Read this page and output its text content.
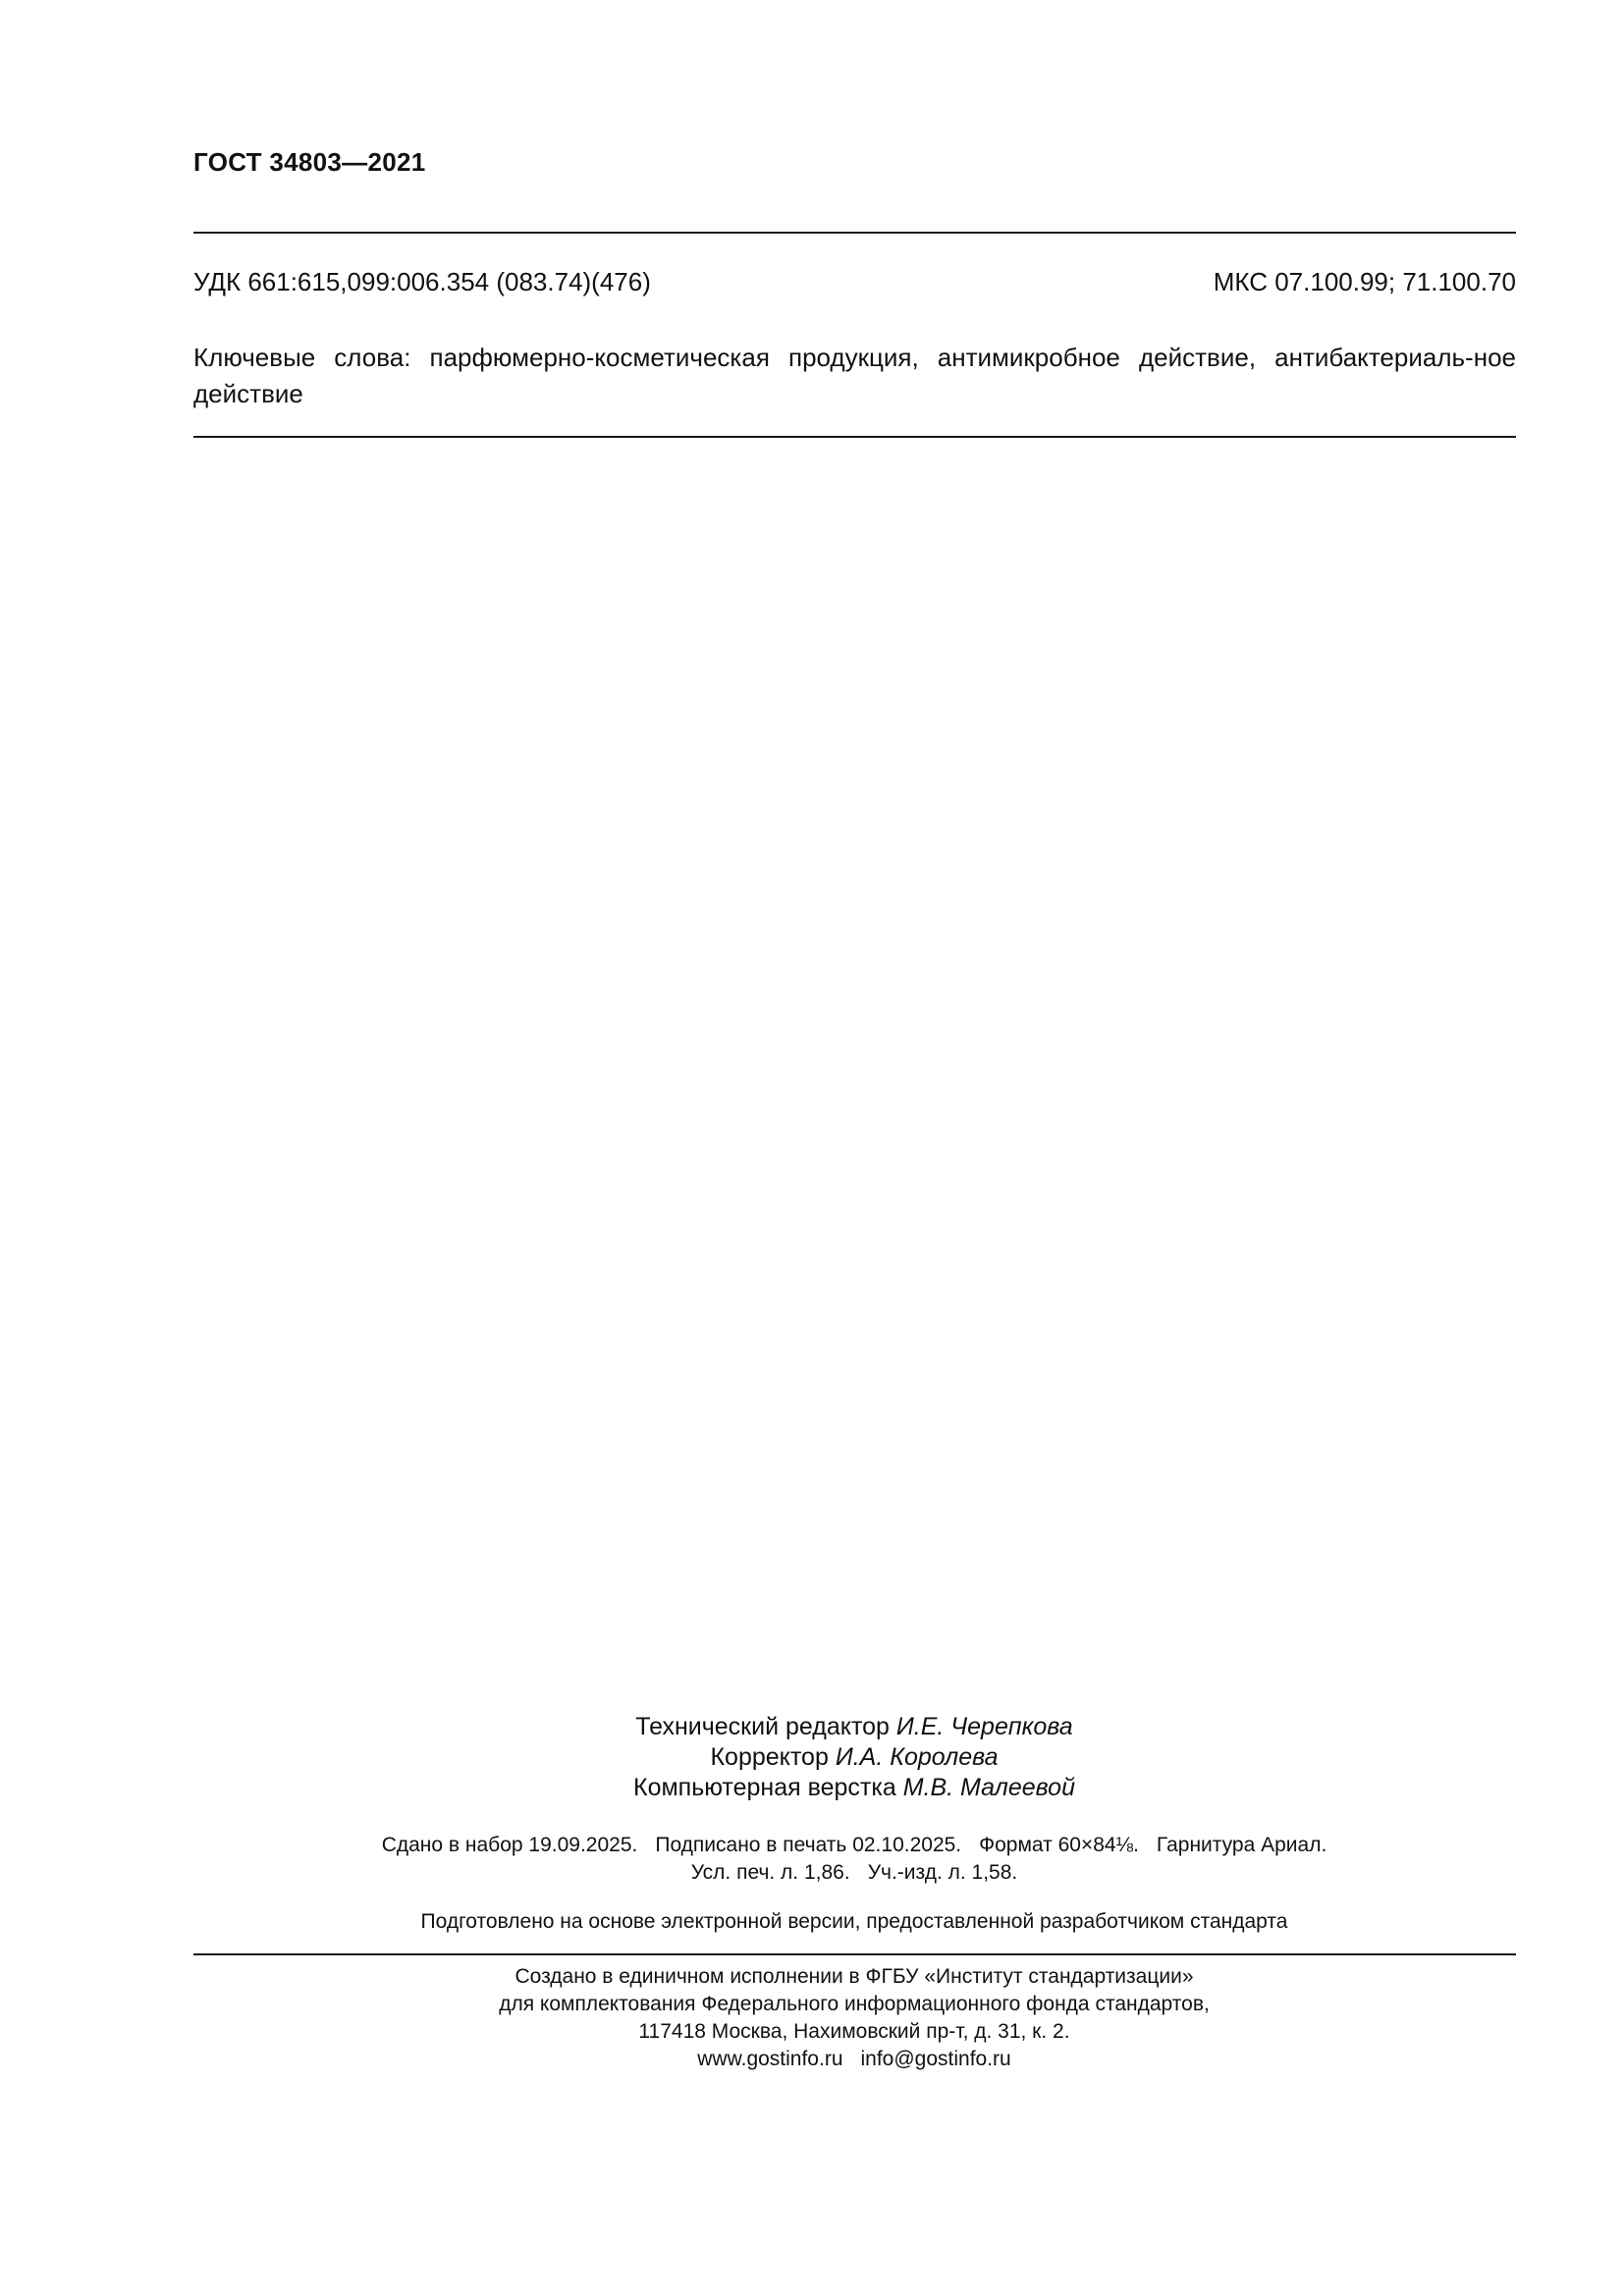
ГОСТ 34803—2021
УДК 661:615,099:006.354 (083.74)(476)	МКС 07.100.99; 71.100.70
Ключевые слова: парфюмерно-косметическая продукция, антимикробное действие, антибактериаль-ное действие
Технический редактор И.Е. Черепкова
Корректор И.А. Королева
Компьютерная верстка М.В. Малеевой
Сдано в набор 19.09.2025. Подписано в печать 02.10.2025. Формат 60×84⅛. Гарнитура Ариал.
Усл. печ. л. 1,86. Уч.-изд. л. 1,58.
Подготовлено на основе электронной версии, предоставленной разработчиком стандарта
Создано в единичном исполнении в ФГБУ «Институт стандартизации»
для комплектования Федерального информационного фонда стандартов,
117418 Москва, Нахимовский пр-т, д. 31, к. 2.
www.gostinfo.ru info@gostinfo.ru
